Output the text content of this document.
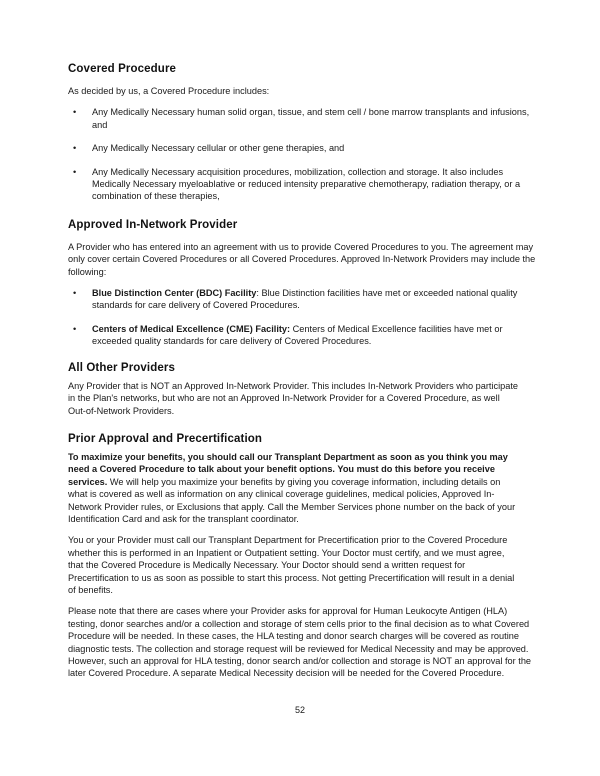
Covered Procedure

As decided by us, a Covered Procedure includes:

• Any Medically Necessary human solid organ, tissue, and stem cell / bone marrow transplants and infusions, and
• Any Medically Necessary cellular or other gene therapies, and
• Any Medically Necessary acquisition procedures, mobilization, collection and storage. It also includes Medically Necessary myeloablative or reduced intensity preparative chemotherapy, radiation therapy, or a combination of these therapies,
Approved In-Network Provider

A Provider who has entered into an agreement with us to provide Covered Procedures to you. The agreement may only cover certain Covered Procedures or all Covered Procedures. Approved In-Network Providers may include the following:

• Blue Distinction Center (BDC) Facility: Blue Distinction facilities have met or exceeded national quality standards for care delivery of Covered Procedures.
• Centers of Medical Excellence (CME) Facility: Centers of Medical Excellence facilities have met or exceeded quality standards for care delivery of Covered Procedures.
All Other Providers

Any Provider that is NOT an Approved In-Network Provider. This includes In-Network Providers who participate in the Plan's networks, but who are not an Approved In-Network Provider for a Covered Procedure, as well Out-of-Network Providers.

Prior Approval and Precertification

To maximize your benefits, you should call our Transplant Department as soon as you think you may need a Covered Procedure to talk about your benefit options. You must do this before you receive services. We will help you maximize your benefits by giving you coverage information, including details on what is covered as well as information on any clinical coverage guidelines, medical policies, Approved In-Network Provider rules, or Exclusions that apply. Call the Member Services phone number on the back of your Identification Card and ask for the transplant coordinator.

You or your Provider must call our Transplant Department for Precertification prior to the Covered Procedure whether this is performed in an Inpatient or Outpatient setting. Your Doctor must certify, and we must agree, that the Covered Procedure is Medically Necessary. Your Doctor should send a written request for Precertification to us as soon as possible to start this process. Not getting Precertification will result in a denial of benefits.

Please note that there are cases where your Provider asks for approval for Human Leukocyte Antigen (HLA) testing, donor searches and/or a collection and storage of stem cells prior to the final decision as to what Covered Procedure will be needed. In these cases, the HLA testing and donor search charges will be covered as routine diagnostic tests. The collection and storage request will be reviewed for Medical Necessity and may be approved. However, such an approval for HLA testing, donor search and/or collection and storage is NOT an approval for the later Covered Procedure. A separate Medical Necessity decision will be needed for the Covered Procedure.

52
